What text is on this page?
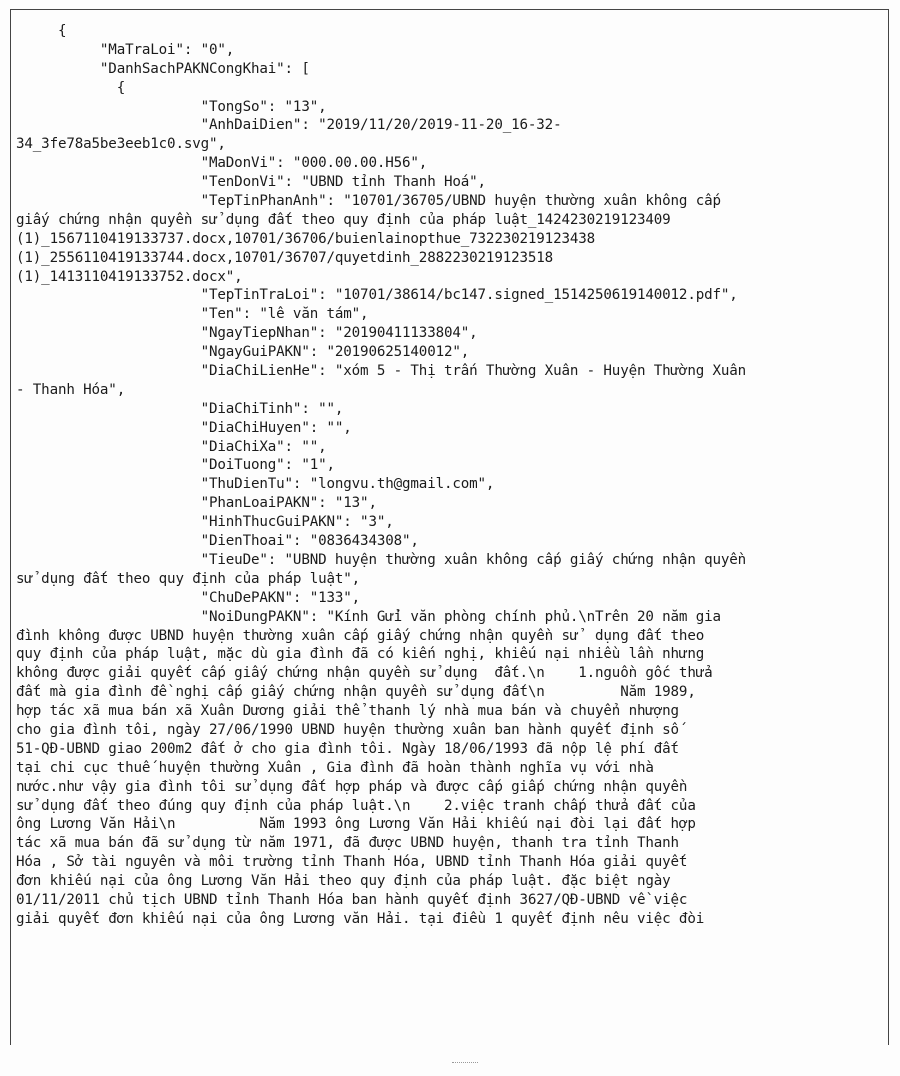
{
"MaTraLoi": "0",
"DanhSachPAKNCongKhai": [
{
"TongSo": "13",
"AnhDaiDien": "2019/11/20/2019-11-20_16-32-
34_3fe78a5be3eeb1c0.svg",
"MaDonVi": "000.00.00.H56",
"TenDonVi": "UBND tỉnh Thanh Hoá",
"TepTinPhanAnh": "10701/36705/UBND huyện thường xuân không cấp
giấy chứng nhận quyền sử dụng đất theo quy định của pháp luật_1424230219123409
(1)_1567110419133737.docx,10701/36706/buienlainopthue_732230219123438
(1)_2556110419133744.docx,10701/36707/quyetdinh_2882230219123518
(1)_1413110419133752.docx",
"TepTinTraLoi": "10701/38614/bc147.signed_1514250619140012.pdf",
"Ten": "lê văn tám",
"NgayTiepNhan": "20190411133804",
"NgayGuiPAKN": "20190625140012",
"DiaChiLienHe": "xóm 5 - Thị trấn Thường Xuân - Huyện Thường Xuân
- Thanh Hóa",
"DiaChiTinh": "",
"DiaChiHuyen": "",
"DiaChiXa": "",
"DoiTuong": "1",
"ThuDienTu": "longvu.th@gmail.com",
"PhanLoaiPAKN": "13",
"HinhThucGuiPAKN": "3",
"DienThoai": "0836434308",
"TieuDe": "UBND huyện thường xuân không cấp giấy chứng nhận quyền
sử dụng đất theo quy định của pháp luật",
"ChuDePAKN": "133",
"NoiDungPAKN": "Kính Gửi văn phòng chính phủ.\nTrên 20 năm gia
đình không được UBND huyện thường xuân cấp giấy chứng nhận quyền sử  dụng đất theo
quy định của pháp luật, mặc dù gia đình đã có kiến nghị, khiếu nại nhiều lần nhưng
không được giải quyết cấp giấy chứng nhận quyền sử dụng  đất.\n    1.nguồn gốc thửa
đất mà gia đình đề nghị cấp giấy chứng nhận quyền sử dụng đất\n         Năm 1989,
hợp tác xã mua bán xã Xuân Dương giải thể thanh lý nhà mua bán và chuyển nhượng
cho gia đình tôi, ngày 27/06/1990 UBND huyện thường xuân ban hành quyết định số
51-QĐ-UBND giao 200m2 đất ở cho gia đình tôi. Ngày 18/06/1993 đã nộp lệ phí đất
tại chi cục thuế huyện thường Xuân , Gia đình đã hoàn thành nghĩa vụ với nhà
nước.như vậy gia đình tôi sử dụng đất hợp pháp và được cấp giấp chứng nhận quyền
sử dụng đất theo đúng quy định của pháp luật.\n    2.việc tranh chấp thửa đất của
ông Lương Văn Hải\n          Năm 1993 ông Lương Văn Hải khiếu nại đòi lại đất hợp
tác xã mua bán đã sử dụng từ năm 1971, đã được UBND huyện, thanh tra tỉnh Thanh
Hóa , Sở tài nguyên và môi trường tỉnh Thanh Hóa, UBND tỉnh Thanh Hóa giải quyết
đơn khiếu nại của ông Lương Văn Hải theo quy định của pháp luật. đặc biệt ngày
01/11/2011 chủ tịch UBND tỉnh Thanh Hóa ban hành quyết định 3627/QĐ-UBND về việc
giải quyết đơn khiếu nại của ông Lương văn Hải. tại điều 1 quyết định nêu việc đòi
